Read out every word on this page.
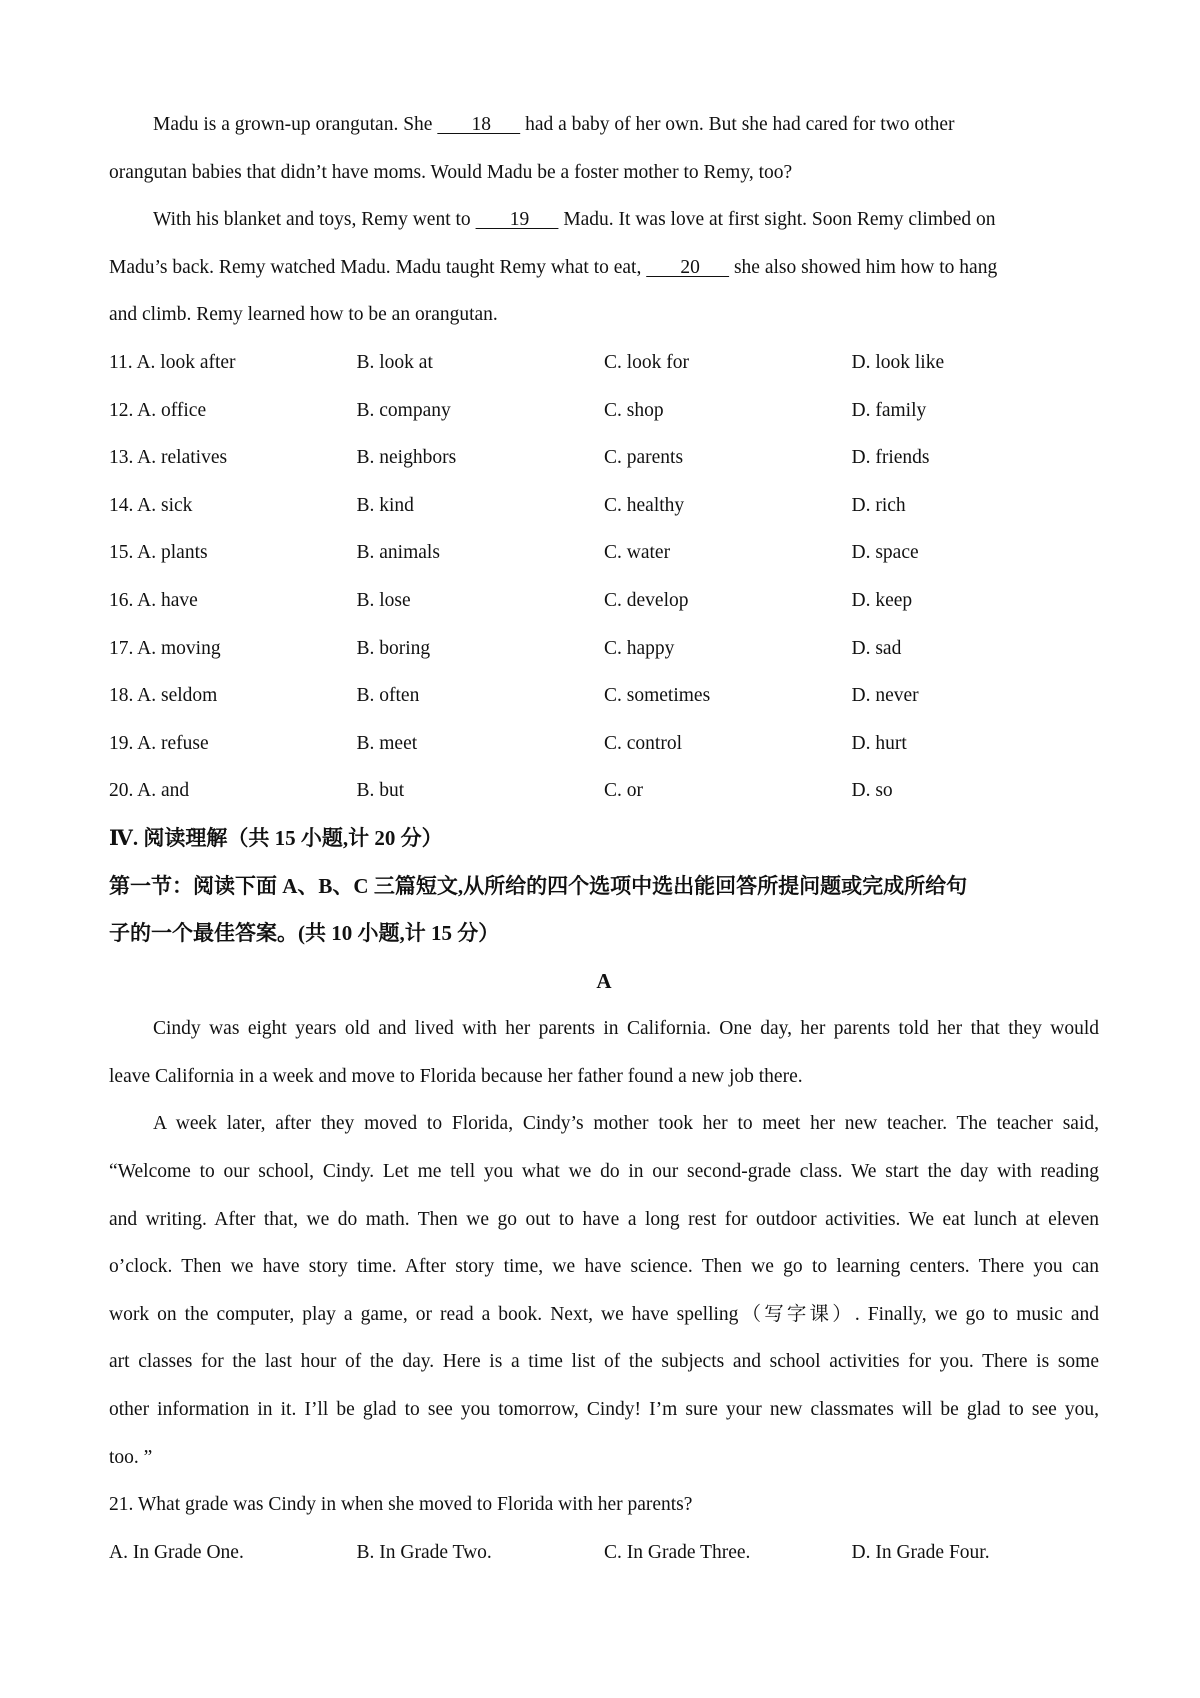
Madu is a grown-up orangutan. She        18       had a baby of her own. But she had cared for two other
orangutan babies that didn’t have moms. Would Madu be a foster mother to Remy, too?
With his blanket and toys, Remy went to        19       Madu. It was love at first sight. Soon Remy climbed on
Madu’s back. Remy watched Madu. Madu taught Remy what to eat,        20       she also showed him how to hang
and climb. Remy learned how to be an orangutan.
11. A. look after	B. look at	C. look for	D. look like
12. A. office	B. company	C. shop	D. family
13. A. relatives	B. neighbors	C. parents	D. friends
14. A. sick	B. kind	C. healthy	D. rich
15. A. plants	B. animals	C. water	D. space
16. A. have	B. lose	C. develop	D. keep
17. A. moving	B. boring	C. happy	D. sad
18. A. seldom	B. often	C. sometimes	D. never
19. A. refuse	B. meet	C. control	D. hurt
20. A. and	B. but	C. or	D. so
Ⅳ. 阅读理解（共 15 小题,计 20 分）
第一节：阅读下面 A、B、C 三篇短文,从所给的四个选项中选出能回答所提问题或完成所给句
子的一个最佳答案。(共 10 小题,计 15 分）
A
Cindy was eight years old and lived with her parents in California. One day, her parents told her that they would
leave California in a week and move to Florida because her father found a new job there.
A week later, after they moved to Florida, Cindy’s mother took her to meet her new teacher. The teacher said,
“Welcome to our school, Cindy. Let me tell you what we do in our second-grade class. We start the day with reading
and writing. After that, we do math. Then we go out to have a long rest for outdoor activities. We eat lunch at eleven
o’clock. Then we have story time. After story time, we have science. Then we go to learning centers. There you can
work on the computer, play a game, or read a book. Next, we have spelling（写字课）. Finally, we go to music and
art classes for the last hour of the day. Here is a time list of the subjects and school activities for you. There is some
other information in it. I’ll be glad to see you tomorrow, Cindy! I’m sure your new classmates will be glad to see you,
too. ”
21. What grade was Cindy in when she moved to Florida with her parents?
A. In Grade One.	B. In Grade Two.	C. In Grade Three.	D. In Grade Four.
